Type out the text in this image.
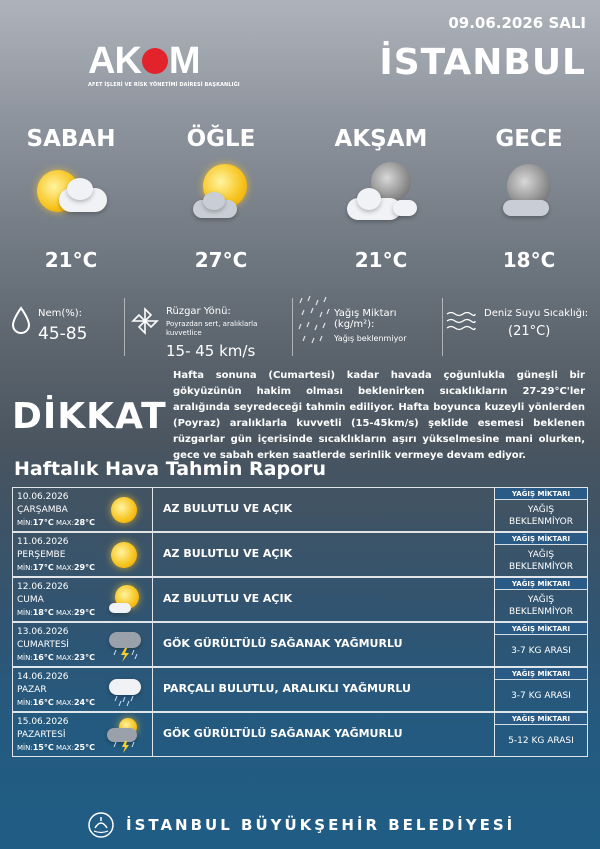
09.06.2026 SALI
İSTANBUL
AK M
AFET İŞLERİ VE RİSK YÖNETİMİ DAİRESİ BAŞKANLIĞI
SABAH
21°C
ÖĞLE
27°C
AKŞAM
21°C
GECE
18°C
Nem(%):
45-85
Rüzgar Yönü:
Poyrazdan sert, aralıklarla kuvvetlice
15- 45 km/s
Yağış Miktarı (kg/m²):
Yağış beklenmiyor
Deniz Suyu Sıcaklığı:
(21°C)
DİKKAT
Hafta sonuna (Cumartesi) kadar havada çoğunlukla güneşli bir gökyüzünün hakim olması beklenirken sıcaklıkların 27-29°C'ler aralığında seyredeceği tahmin ediliyor. Hafta boyunca kuzeyli yönlerden (Poyraz) aralıklarla kuvvetli (15-45km/s) şeklide esemesi beklenen rüzgarlar gün içerisinde sıcaklıkların aşırı yükselmesine mani olurken, gece ve sabah erken saatlerde serinlik vermeye devam ediyor.
Haftalık Hava Tahmin Raporu
10.06.2026
ÇARŞAMBA
MİN:17°C MAX:28°C
AZ BULUTLU VE AÇIK
YAĞIŞ MİKTARI
YAĞIŞ BEKLENMİYOR
11.06.2026
PERŞEMBE
MİN:17°C MAX:29°C
AZ BULUTLU VE AÇIK
YAĞIŞ MİKTARI
YAĞIŞ BEKLENMİYOR
12.06.2026
CUMA
MİN:18°C MAX:29°C
AZ BULUTLU VE AÇIK
YAĞIŞ MİKTARI
YAĞIŞ BEKLENMİYOR
13.06.2026
CUMARTESİ
MİN:16°C MAX:23°C
GÖK GÜRÜLTÜLÜ SAĞANAK YAĞMURLU
YAĞIŞ MİKTARI
3-7 KG ARASI
14.06.2026
PAZAR
MİN:16°C MAX:24°C
PARÇALI BULUTLU, ARALIKLI YAĞMURLU
YAĞIŞ MİKTARI
3-7 KG ARASI
15.06.2026
PAZARTESİ
MİN:15°C MAX:25°C
GÖK GÜRÜLTÜLÜ SAĞANAK YAĞMURLU
YAĞIŞ MİKTARI
5-12 KG ARASI
İSTANBUL BÜYÜKŞEHİR BELEDİYESİ
